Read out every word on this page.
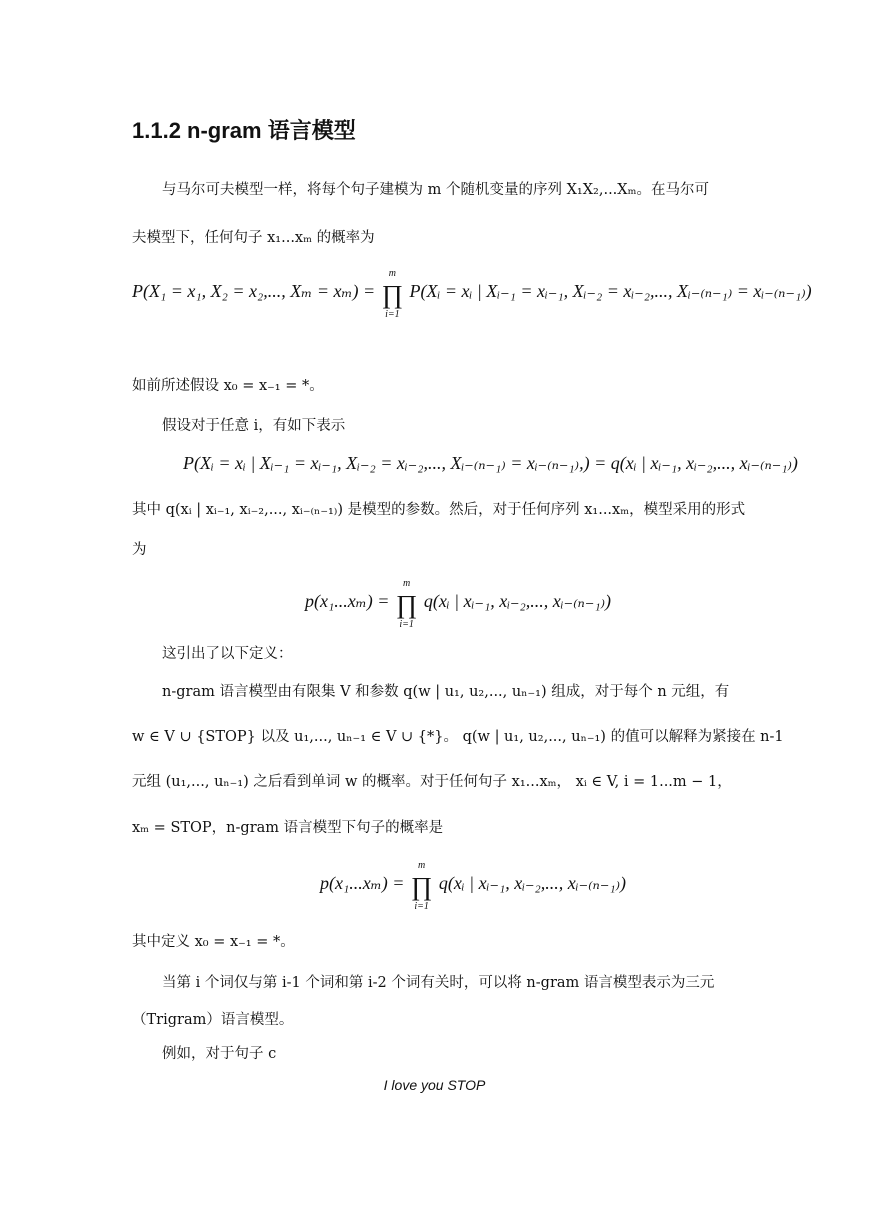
1.1.2 n-gram 语言模型

与马尔可夫模型一样，将每个句子建模为 m 个随机变量的序列 X₁X₂,...Xₘ。在马尔可

夫模型下，任何句子 x₁...xₘ 的概率为

P(X₁ = x₁, X₂ = x₂,..., Xₘ = xₘ) = ∏
m
i=1
P(Xᵢ = xᵢ | Xᵢ₋₁ = xᵢ₋₁, Xᵢ₋₂ = xᵢ₋₂,..., Xᵢ₋₍ₙ₋₁₎ = xᵢ₋₍ₙ₋₁₎)

如前所述假设 x₀ = x₋₁ = *。

假设对于任意 i，有如下表示

P(Xᵢ = xᵢ | Xᵢ₋₁ = xᵢ₋₁, Xᵢ₋₂ = xᵢ₋₂,..., Xᵢ₋₍ₙ₋₁₎ = xᵢ₋₍ₙ₋₁₎,) = q(xᵢ | xᵢ₋₁, xᵢ₋₂,..., xᵢ₋₍ₙ₋₁₎)

其中 q(xᵢ | xᵢ₋₁, xᵢ₋₂,..., xᵢ₋₍ₙ₋₁₎) 是模型的参数。然后，对于任何序列 x₁...xₘ，模型采用的形式

为

p(x₁...xₘ) = ∏
m
i=1
q(xᵢ | xᵢ₋₁, xᵢ₋₂,..., xᵢ₋₍ₙ₋₁₎)

这引出了以下定义：

n-gram 语言模型由有限集 V 和参数 q(w | u₁, u₂,..., uₙ₋₁) 组成，对于每个 n 元组，有

w ∈ V ∪ {STOP} 以及 u₁,..., uₙ₋₁ ∈ V ∪ {*}。 q(w | u₁, u₂,..., uₙ₋₁) 的值可以解释为紧接在 n-1

元组 (u₁,..., uₙ₋₁) 之后看到单词 w 的概率。对于任何句子 x₁...xₘ， xᵢ ∈ V, i = 1...m − 1，

xₘ = STOP，n-gram 语言模型下句子的概率是

p(x₁...xₘ) = ∏
m
i=1
q(xᵢ | xᵢ₋₁, xᵢ₋₂,..., xᵢ₋₍ₙ₋₁₎)

其中定义 x₀ = x₋₁ = *。

当第 i 个词仅与第 i-1 个词和第 i-2 个词有关时，可以将 n-gram 语言模型表示为三元

（Trigram）语言模型。

例如，对于句子 c

I love you STOP
